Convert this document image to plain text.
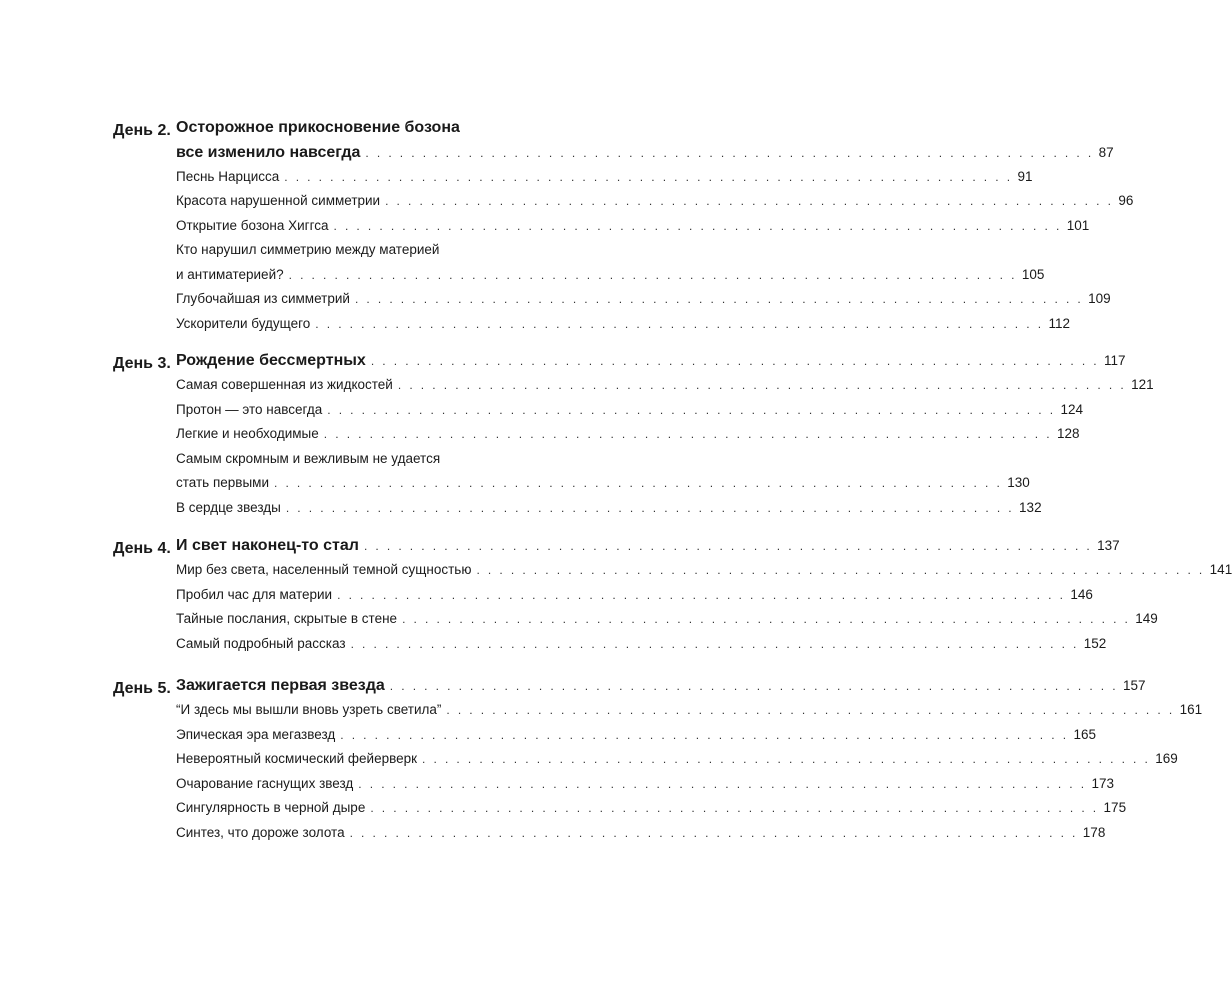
День 2. Осторожное прикосновение бозона
все изменило навсегда . . . . . . . . . . . . . . . . . . . . . . . . . . . . . . . . . . . . . . . . . . . . . . . . . . . . . . . . . . . . . . . . 87
Песнь Нарцисса . . . . . . . . . . . . . . . . . . . . . . . . . . . . . . . . . . . . . . . . . . . . . . . . . . . . . . . . . . . . . . . . 91
Красота нарушенной симметрии . . . . . . . . . . . . . . . . . . . . . . . . . . . . . . . . . . . . . . . . . . . . . . . . . . . . . . . . . . . . . . . . 96
Открытие бозона Хиггса . . . . . . . . . . . . . . . . . . . . . . . . . . . . . . . . . . . . . . . . . . . . . . . . . . . . . . . . . . . . . . . . 101
Кто нарушил симметрию между материей
и антиматерией? . . . . . . . . . . . . . . . . . . . . . . . . . . . . . . . . . . . . . . . . . . . . . . . . . . . . . . . . . . . . . . . . 105
Глубочайшая из симметрий . . . . . . . . . . . . . . . . . . . . . . . . . . . . . . . . . . . . . . . . . . . . . . . . . . . . . . . . . . . . . . . . 109
Ускорители будущего . . . . . . . . . . . . . . . . . . . . . . . . . . . . . . . . . . . . . . . . . . . . . . . . . . . . . . . . . . . . . . . . 112
День 3. Рождение бессмертных . . . . . . . . . . . . . . . . . . . . . . . . . . . . . . . . . . . . . . . . . . . . . . . . . . . . . . . . . . . . . . . . 117
Самая совершенная из жидкостей . . . . . . . . . . . . . . . . . . . . . . . . . . . . . . . . . . . . . . . . . . . . . . . . . . . . . . . . . . . . . . . . 121
Протон — это навсегда . . . . . . . . . . . . . . . . . . . . . . . . . . . . . . . . . . . . . . . . . . . . . . . . . . . . . . . . . . . . . . . . 124
Легкие и необходимые . . . . . . . . . . . . . . . . . . . . . . . . . . . . . . . . . . . . . . . . . . . . . . . . . . . . . . . . . . . . . . . . 128
Самым скромным и вежливым не удается
стать первыми . . . . . . . . . . . . . . . . . . . . . . . . . . . . . . . . . . . . . . . . . . . . . . . . . . . . . . . . . . . . . . . . 130
В сердце звезды . . . . . . . . . . . . . . . . . . . . . . . . . . . . . . . . . . . . . . . . . . . . . . . . . . . . . . . . . . . . . . . . 132
День 4. И свет наконец-то стал . . . . . . . . . . . . . . . . . . . . . . . . . . . . . . . . . . . . . . . . . . . . . . . . . . . . . . . . . . . . . . . . 137
Мир без света, населенный темной сущностью . . . . . . . . . . . . . . . . . . . . . . . . . . . . . . . . . . . . . . . . . . . . . . . . . . . . . . . . . . . . . . . . 141
Пробил час для материи . . . . . . . . . . . . . . . . . . . . . . . . . . . . . . . . . . . . . . . . . . . . . . . . . . . . . . . . . . . . . . . . 146
Тайные послания, скрытые в стене . . . . . . . . . . . . . . . . . . . . . . . . . . . . . . . . . . . . . . . . . . . . . . . . . . . . . . . . . . . . . . . . 149
Самый подробный рассказ . . . . . . . . . . . . . . . . . . . . . . . . . . . . . . . . . . . . . . . . . . . . . . . . . . . . . . . . . . . . . . . . 152
День 5. Зажигается первая звезда . . . . . . . . . . . . . . . . . . . . . . . . . . . . . . . . . . . . . . . . . . . . . . . . . . . . . . . . . . . . . . . . 157
“И здесь мы вышли вновь узреть светила” . . . . . . . . . . . . . . . . . . . . . . . . . . . . . . . . . . . . . . . . . . . . . . . . . . . . . . . . . . . . . . . . 161
Эпическая эра мегазвезд . . . . . . . . . . . . . . . . . . . . . . . . . . . . . . . . . . . . . . . . . . . . . . . . . . . . . . . . . . . . . . . . 165
Невероятный космический фейерверк . . . . . . . . . . . . . . . . . . . . . . . . . . . . . . . . . . . . . . . . . . . . . . . . . . . . . . . . . . . . . . . . 169
Очарование гаснущих звезд . . . . . . . . . . . . . . . . . . . . . . . . . . . . . . . . . . . . . . . . . . . . . . . . . . . . . . . . . . . . . . . . 173
Сингулярность в черной дыре . . . . . . . . . . . . . . . . . . . . . . . . . . . . . . . . . . . . . . . . . . . . . . . . . . . . . . . . . . . . . . . . 175
Синтез, что дороже золота . . . . . . . . . . . . . . . . . . . . . . . . . . . . . . . . . . . . . . . . . . . . . . . . . . . . . . . . . . . . . . . . 178
